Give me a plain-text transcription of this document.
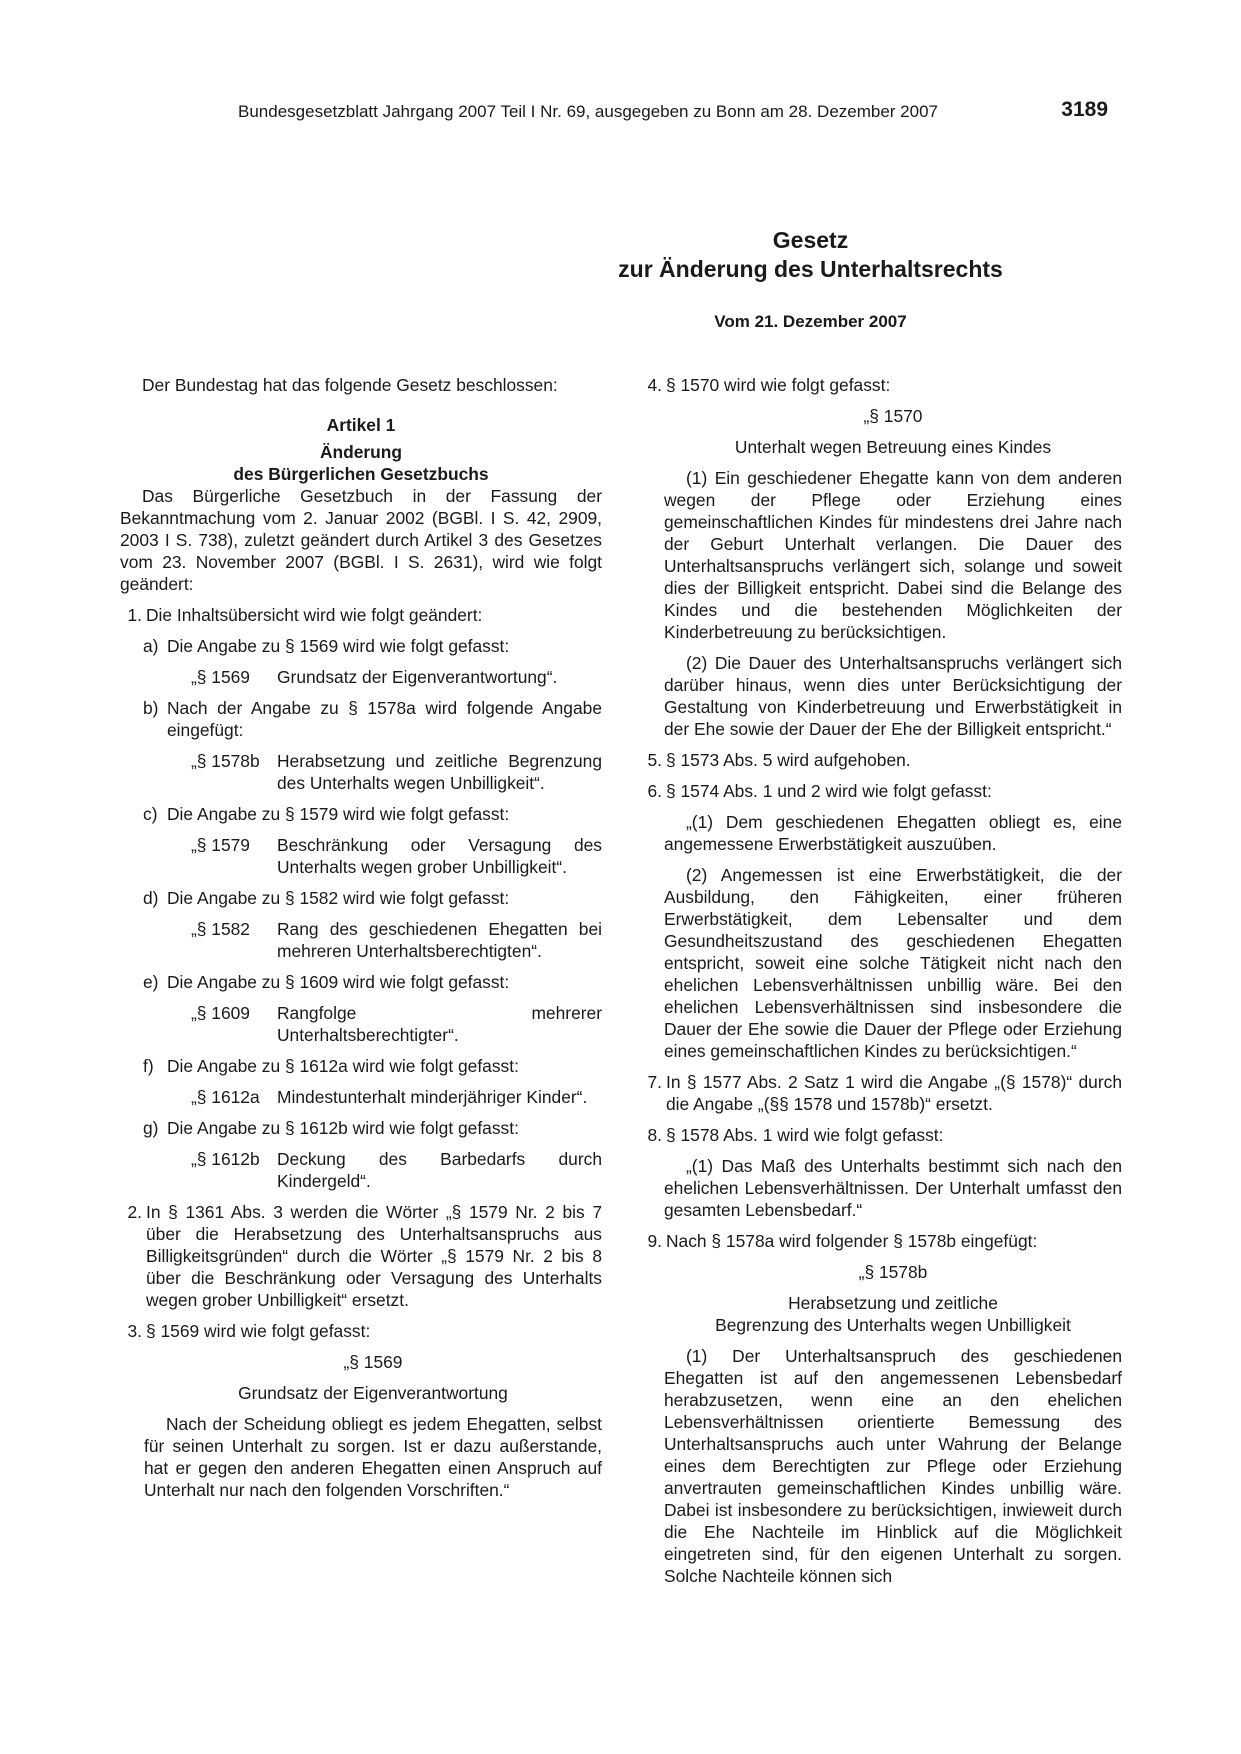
Bundesgesetzblatt Jahrgang 2007 Teil I Nr. 69, ausgegeben zu Bonn am 28. Dezember 2007	3189
Gesetz
zur Änderung des Unterhaltsrechts
Vom 21. Dezember 2007

Der Bundestag hat das folgende Gesetz beschlossen:

Artikel 1

Änderung

des Bürgerlichen Gesetzbuchs

Das Bürgerliche Gesetzbuch in der Fassung der Bekanntmachung vom 2. Januar 2002 (BGBl. I S. 42, 2909, 2003 I S. 738), zuletzt geändert durch Artikel 3 des Gesetzes vom 23. November 2007 (BGBl. I S. 2631), wird wie folgt geändert:

1. Die Inhaltsübersicht wird wie folgt geändert:
a) Die Angabe zu § 1569 wird wie folgt gefasst:
„§ 1569	Grundsatz der Eigenverantwortung“.
b) Nach der Angabe zu § 1578a wird folgende Angabe eingefügt:
„§ 1578b Herabsetzung und zeitliche Begrenzung des Unterhalts wegen Unbilligkeit“.
c) Die Angabe zu § 1579 wird wie folgt gefasst:
„§ 1579	Beschränkung oder Versagung des Unterhalts wegen grober Unbilligkeit“.
d) Die Angabe zu § 1582 wird wie folgt gefasst:
„§ 1582	Rang des geschiedenen Ehegatten bei mehreren Unterhaltsberechtigten“.
e) Die Angabe zu § 1609 wird wie folgt gefasst:
„§ 1609	Rangfolge mehrerer Unterhaltsberechtigter“.
f) Die Angabe zu § 1612a wird wie folgt gefasst:
„§ 1612a Mindestunterhalt minderjähriger Kinder“.
g) Die Angabe zu § 1612b wird wie folgt gefasst:
„§ 1612b Deckung des Barbedarfs durch Kindergeld“.
2. In § 1361 Abs. 3 werden die Wörter „§ 1579 Nr. 2 bis 7 über die Herabsetzung des Unterhaltsanspruchs aus Billigkeitsgründen“ durch die Wörter „§ 1579 Nr. 2 bis 8 über die Beschränkung oder Versagung des Unterhalts wegen grober Unbilligkeit“ ersetzt.
3. § 1569 wird wie folgt gefasst:

„§ 1569

Grundsatz der Eigenverantwortung

Nach der Scheidung obliegt es jedem Ehegatten, selbst für seinen Unterhalt zu sorgen. Ist er dazu außerstande, hat er gegen den anderen Ehegatten einen Anspruch auf Unterhalt nur nach den folgenden Vorschriften.“

4. § 1570 wird wie folgt gefasst:

„§ 1570

Unterhalt wegen Betreuung eines Kindes

(1) Ein geschiedener Ehegatte kann von dem anderen wegen der Pflege oder Erziehung eines gemeinschaftlichen Kindes für mindestens drei Jahre nach der Geburt Unterhalt verlangen. Die Dauer des Unterhaltsanspruchs verlängert sich, solange und soweit dies der Billigkeit entspricht. Dabei sind die Belange des Kindes und die bestehenden Möglichkeiten der Kinderbetreuung zu berücksichtigen.

(2) Die Dauer des Unterhaltsanspruchs verlängert sich darüber hinaus, wenn dies unter Berücksichtigung der Gestaltung von Kinderbetreuung und Erwerbstätigkeit in der Ehe sowie der Dauer der Ehe der Billigkeit entspricht.“

5. § 1573 Abs. 5 wird aufgehoben.
6. § 1574 Abs. 1 und 2 wird wie folgt gefasst:

„(1) Dem geschiedenen Ehegatten obliegt es, eine angemessene Erwerbstätigkeit auszuüben.

(2) Angemessen ist eine Erwerbstätigkeit, die der Ausbildung, den Fähigkeiten, einer früheren Erwerbstätigkeit, dem Lebensalter und dem Gesundheitszustand des geschiedenen Ehegatten entspricht, soweit eine solche Tätigkeit nicht nach den ehelichen Lebensverhältnissen unbillig wäre. Bei den ehelichen Lebensverhältnissen sind insbesondere die Dauer der Ehe sowie die Dauer der Pflege oder Erziehung eines gemeinschaftlichen Kindes zu berücksichtigen.“

7. In § 1577 Abs. 2 Satz 1 wird die Angabe „(§ 1578)“ durch die Angabe „(§§ 1578 und 1578b)“ ersetzt.
8. § 1578 Abs. 1 wird wie folgt gefasst:

„(1) Das Maß des Unterhalts bestimmt sich nach den ehelichen Lebensverhältnissen. Der Unterhalt umfasst den gesamten Lebensbedarf.“

9. Nach § 1578a wird folgender § 1578b eingefügt:

„§ 1578b

Herabsetzung und zeitliche

Begrenzung des Unterhalts wegen Unbilligkeit

(1) Der Unterhaltsanspruch des geschiedenen Ehegatten ist auf den angemessenen Lebensbedarf herabzusetzen, wenn eine an den ehelichen Lebensverhältnissen orientierte Bemessung des Unterhaltsanspruchs auch unter Wahrung der Belange eines dem Berechtigten zur Pflege oder Erziehung anvertrauten gemeinschaftlichen Kindes unbillig wäre. Dabei ist insbesondere zu berücksichtigen, inwieweit durch die Ehe Nachteile im Hinblick auf die Möglichkeit eingetreten sind, für den eigenen Unterhalt zu sorgen. Solche Nachteile können sich
